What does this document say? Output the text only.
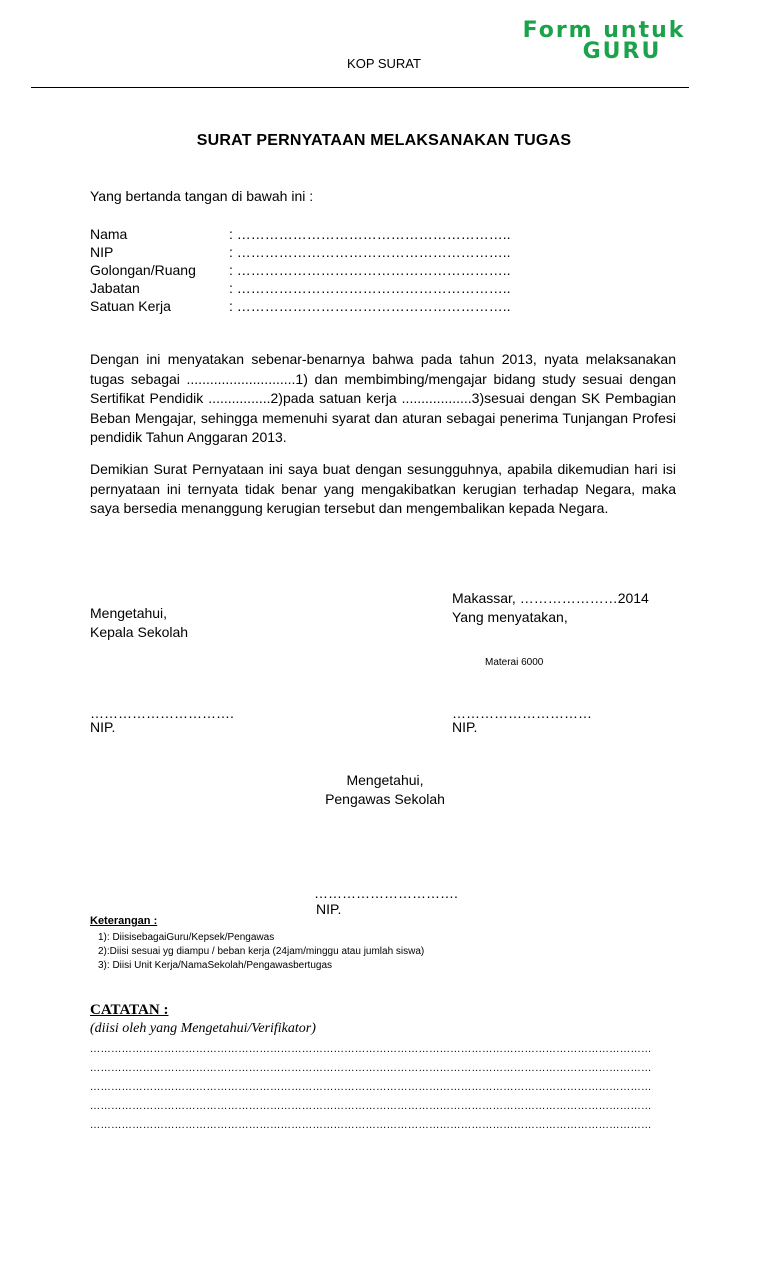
Form untuk
GURU
KOP SURAT
SURAT PERNYATAAN MELAKSANAKAN TUGAS
Yang bertanda tangan di bawah ini :
Nama	: …………………………………………………..
NIP	: …………………………………………………..
Golongan/Ruang : …………………………………………………..
Jabatan	: …………………………………………………..
Satuan Kerja	: …………………………………………………..
Dengan ini menyatakan sebenar-benarnya bahwa pada tahun 2013, nyata melaksanakan tugas sebagai ............................1) dan membimbing/mengajar bidang study sesuai dengan Sertifikat Pendidik ................2)pada satuan kerja ..................3)sesuai dengan SK Pembagian Beban Mengajar, sehingga memenuhi syarat dan aturan sebagai penerima Tunjangan Profesi pendidik Tahun Anggaran 2013.
Demikian Surat Pernyataan ini saya buat dengan sesungguhnya, apabila dikemudian hari isi pernyataan ini ternyata tidak benar yang mengakibatkan kerugian terhadap Negara, maka saya bersedia menanggung kerugian tersebut dan mengembalikan kepada Negara.
Mengetahui,
Kepala Sekolah
Makassar, …………………2014
Yang menyatakan,
Materai 6000
………………………….
NIP.
…………………………
NIP.
Mengetahui,
Pengawas Sekolah
………………………….
NIP.
Keterangan :
1): DiisisebagaiGuru/Kepsek/Pengawas
2):Diisi sesuai yg diampu / beban kerja (24jam/minggu atau jumlah siswa)
3): Diisi Unit Kerja/NamaSekolah/Pengawasbertugas
CATATAN :
(diisi oleh yang Mengetahui/Verifikator)
……………………………………………………………………………………………………………………………………………
……………………………………………………………………………………………………………………………………………
……………………………………………………………………………………………………………………………………………
……………………………………………………………………………………………………………………………………………
……………………………………………………………………………………………………………………………………………
